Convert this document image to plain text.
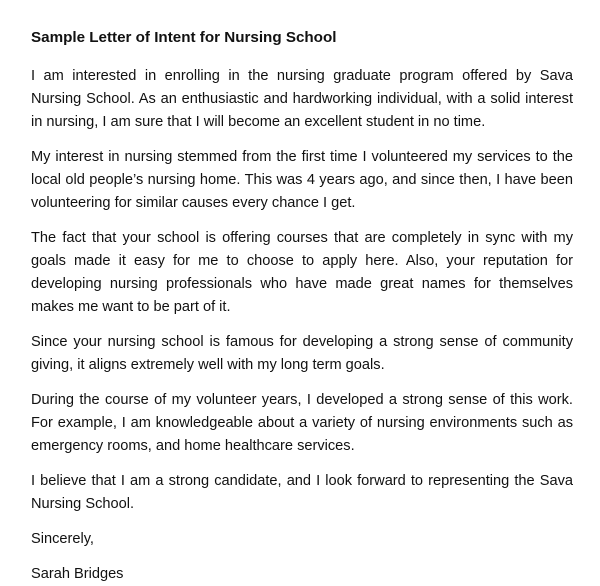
Sample Letter of Intent for Nursing School

I am interested in enrolling in the nursing graduate program offered by Sava Nursing School. As an enthusiastic and hardworking individual, with a solid interest in nursing, I am sure that I will become an excellent student in no time.

My interest in nursing stemmed from the first time I volunteered my services to the local old people’s nursing home. This was 4 years ago, and since then, I have been volunteering for similar causes every chance I get.

The fact that your school is offering courses that are completely in sync with my goals made it easy for me to choose to apply here. Also, your reputation for developing nursing professionals who have made great names for themselves makes me want to be part of it.

Since your nursing school is famous for developing a strong sense of community giving, it aligns extremely well with my long term goals.

During the course of my volunteer years, I developed a strong sense of this work. For example, I am knowledgeable about a variety of nursing environments such as emergency rooms, and home healthcare services.

I believe that I am a strong candidate, and I look forward to representing the Sava Nursing School.

Sincerely,

Sarah Bridges
